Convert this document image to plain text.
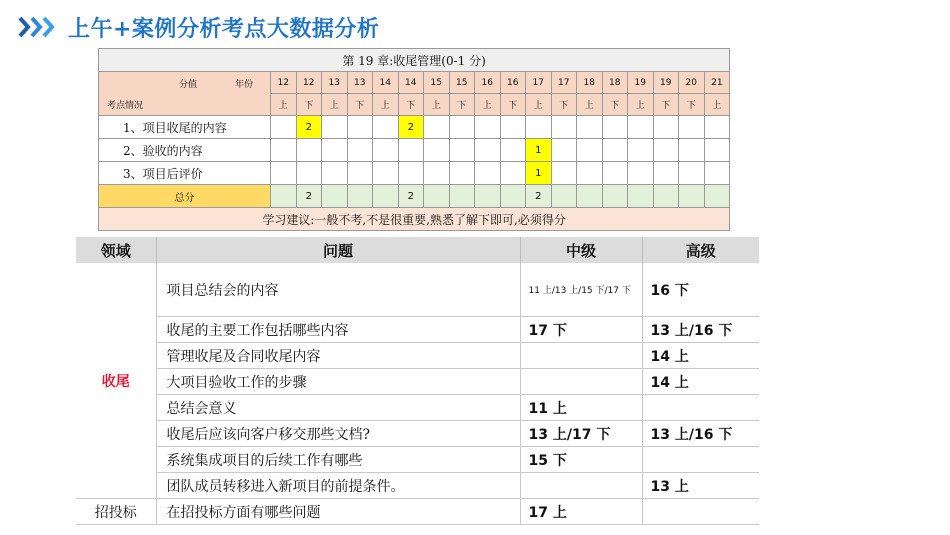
上午+案例分析考点大数据分析
第 19 章:收尾管理(0-1 分)																		

分值 年份
考点情况	12	12	13	13	14	14	15	15	16	16	17	17	18	18	19	19	20	21
	上	下	上	下	上	下	上	下	上	下	上	下	上	下	上	下	下	上
1、项目收尾的内容		2				2												
2、验收的内容											1							
3、项目后评价											1							
总分		2				2					2							
学习建议:一般不考,不是很重要,熟悉了解下即可,必须得分																		
领域	问题	中级	高级
收尾	项目总结会的内容	11 上/13 上/15 下/17 下	16 下
	收尾的主要工作包括哪些内容	17 下	13 上/16 下
	管理收尾及合同收尾内容		14 上
	大项目验收工作的步骤		14 上
	总结会意义	11 上	
	收尾后应该向客户移交那些文档?	13 上/17 下	13 上/16 下
	系统集成项目的后续工作有哪些	15 下	
	团队成员转移进入新项目的前提条件。		13 上
招投标	在招投标方面有哪些问题	17 上	
